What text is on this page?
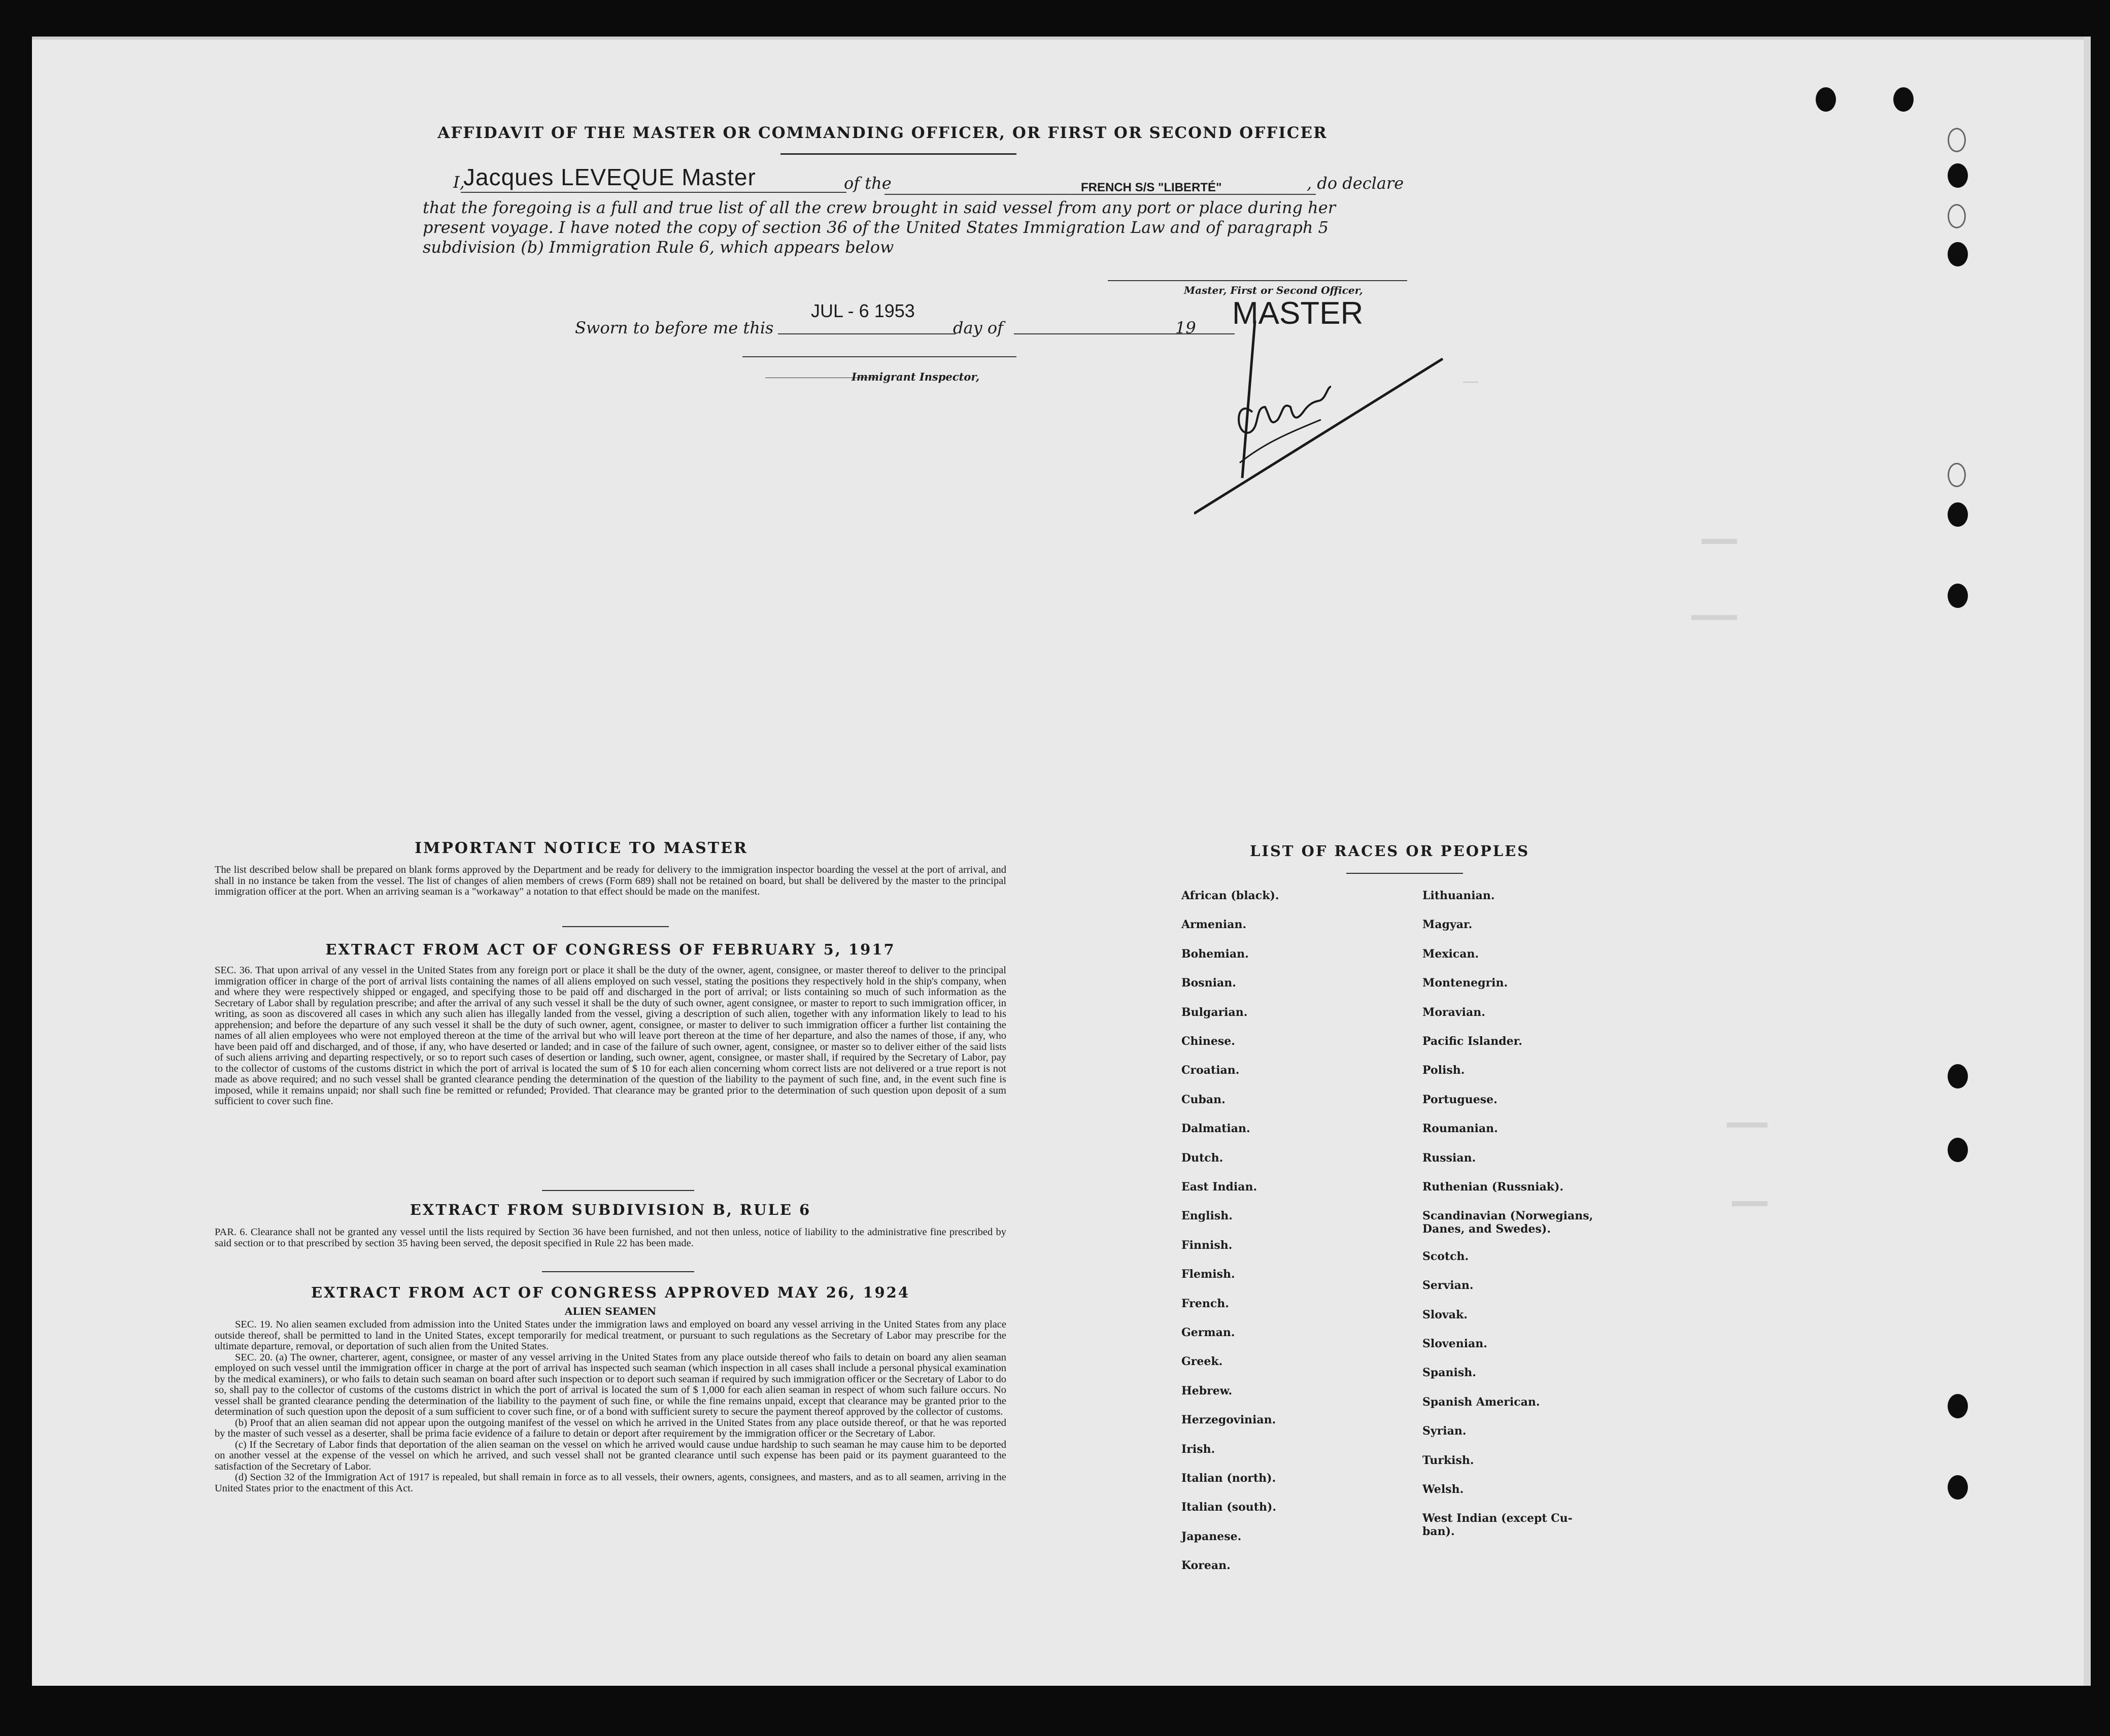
AFFIDAVIT OF THE MASTER OR COMMANDING OFFICER, OR FIRST OR SECOND OFFICER
I,
Jacques LEVEQUE Master	of the	FRENCH S/S "LIBERTÉ"	, do declare
that the foregoing is a full and true list of all the crew brought in said vessel from any port or place during her
present voyage. I have noted the copy of section 36 of the United States Immigration Law and of paragraph 5
subdivision (b) Immigration Rule 6, which appears below
Master, First or Second Officer,
MASTER
Sworn to before me this
JUL - 6 1953
day of	19
Immigrant Inspector,
IMPORTANT NOTICE TO MASTER

The list described below shall be prepared on blank forms approved by the Department and be ready for delivery to the immigration inspector boarding the vessel at the port of arrival, and shall in no instance be taken from the vessel. The list of changes of alien members of crews (Form 689) shall not be retained on board, but shall be delivered by the master to the principal immigration officer at the port. When an arriving seaman is a "workaway" a notation to that effect should be made on the manifest.

EXTRACT FROM ACT OF CONGRESS OF FEBRUARY 5, 1917

SEC. 36. That upon arrival of any vessel in the United States from any foreign port or place it shall be the duty of the owner, agent, consignee, or master thereof to deliver to the principal immigration officer in charge of the port of arrival lists containing the names of all aliens employed on such vessel, stating the positions they respectively hold in the ship's company, when and where they were respectively shipped or engaged, and specifying those to be paid off and discharged in the port of arrival; or lists containing so much of such information as the Secretary of Labor shall by regulation prescribe; and after the arrival of any such vessel it shall be the duty of such owner, agent consignee, or master to report to such immigration officer, in writing, as soon as discovered all cases in which any such alien has illegally landed from the vessel, giving a description of such alien, together with any information likely to lead to his apprehension; and before the departure of any such vessel it shall be the duty of such owner, agent, consignee, or master to deliver to such immigration officer a further list containing the names of all alien employees who were not employed thereon at the time of the arrival but who will leave port thereon at the time of her departure, and also the names of those, if any, who have been paid off and discharged, and of those, if any, who have deserted or landed; and in case of the failure of such owner, agent, consignee, or master so to deliver either of the said lists of such aliens arriving and departing respectively, or so to report such cases of desertion or landing, such owner, agent, consignee, or master shall, if required by the Secretary of Labor, pay to the collector of customs of the customs district in which the port of arrival is located the sum of $ 10 for each alien concerning whom correct lists are not delivered or a true report is not made as above required; and no such vessel shall be granted clearance pending the determination of the question of the liability to the payment of such fine, and, in the event such fine is imposed, while it remains unpaid; nor shall such fine be remitted or refunded; Provided. That clearance may be granted prior to the determination of such question upon deposit of a sum sufficient to cover such fine.

EXTRACT FROM SUBDIVISION B, RULE 6

PAR. 6. Clearance shall not be granted any vessel until the lists required by Section 36 have been furnished, and not then unless, notice of liability to the administrative fine prescribed by said section or to that prescribed by section 35 having been served, the deposit specified in Rule 22 has been made.

EXTRACT FROM ACT OF CONGRESS APPROVED MAY 26, 1924
ALIEN SEAMEN

SEC. 19. No alien seamen excluded from admission into the United States under the immigration laws and employed on board any vessel arriving in the United States from any place outside thereof, shall be permitted to land in the United States, except temporarily for medical treatment, or pursuant to such regulations as the Secretary of Labor may prescribe for the ultimate departure, removal, or deportation of such alien from the United States.

SEC. 20. (a) The owner, charterer, agent, consignee, or master of any vessel arriving in the United States from any place outside thereof who fails to detain on board any alien seaman employed on such vessel until the immigration officer in charge at the port of arrival has inspected such seaman (which inspection in all cases shall include a personal physical examination by the medical examiners), or who fails to detain such seaman on board after such inspection or to deport such seaman if required by such immigration officer or the Secretary of Labor to do so, shall pay to the collector of customs of the customs district in which the port of arrival is located the sum of $ 1,000 for each alien seaman in respect of whom such failure occurs. No vessel shall be granted clearance pending the determination of the liability to the payment of such fine, or while the fine remains unpaid, except that clearance may be granted prior to the determination of such question upon the deposit of a sum sufficient to cover such fine, or of a bond with sufficient surety to secure the payment thereof approved by the collector of customs.

(b) Proof that an alien seaman did not appear upon the outgoing manifest of the vessel on which he arrived in the United States from any place outside thereof, or that he was reported by the master of such vessel as a deserter, shall be prima facie evidence of a failure to detain or deport after requirement by the immigration officer or the Secretary of Labor.

(c) If the Secretary of Labor finds that deportation of the alien seaman on the vessel on which he arrived would cause undue hardship to such seaman he may cause him to be deported on another vessel at the expense of the vessel on which he arrived, and such vessel shall not be granted clearance until such expense has been paid or its payment guaranteed to the satisfaction of the Secretary of Labor.

(d) Section 32 of the Immigration Act of 1917 is repealed, but shall remain in force as to all vessels, their owners, agents, consignees, and masters, and as to all seamen, arriving in the United States prior to the enactment of this Act.

LIST OF RACES OR PEOPLES
African (black).
Armenian.
Bohemian.
Bosnian.
Bulgarian.
Chinese.
Croatian.
Cuban.
Dalmatian.
Dutch.
East Indian.
English.
Finnish.
Flemish.
French.
German.
Greek.
Hebrew.
Herzegovinian.
Irish.
Italian (north).
Italian (south).
Japanese.
Korean.
Lithuanian.
Magyar.
Mexican.
Montenegrin.
Moravian.
Pacific Islander.
Polish.
Portuguese.
Roumanian.
Russian.
Ruthenian (Russniak).
Scandinavian (Norwegians,
Danes, and Swedes).
Scotch.
Servian.
Slovak.
Slovenian.
Spanish.
Spanish American.
Syrian.
Turkish.
Welsh.
West Indian (except Cu-
ban).
